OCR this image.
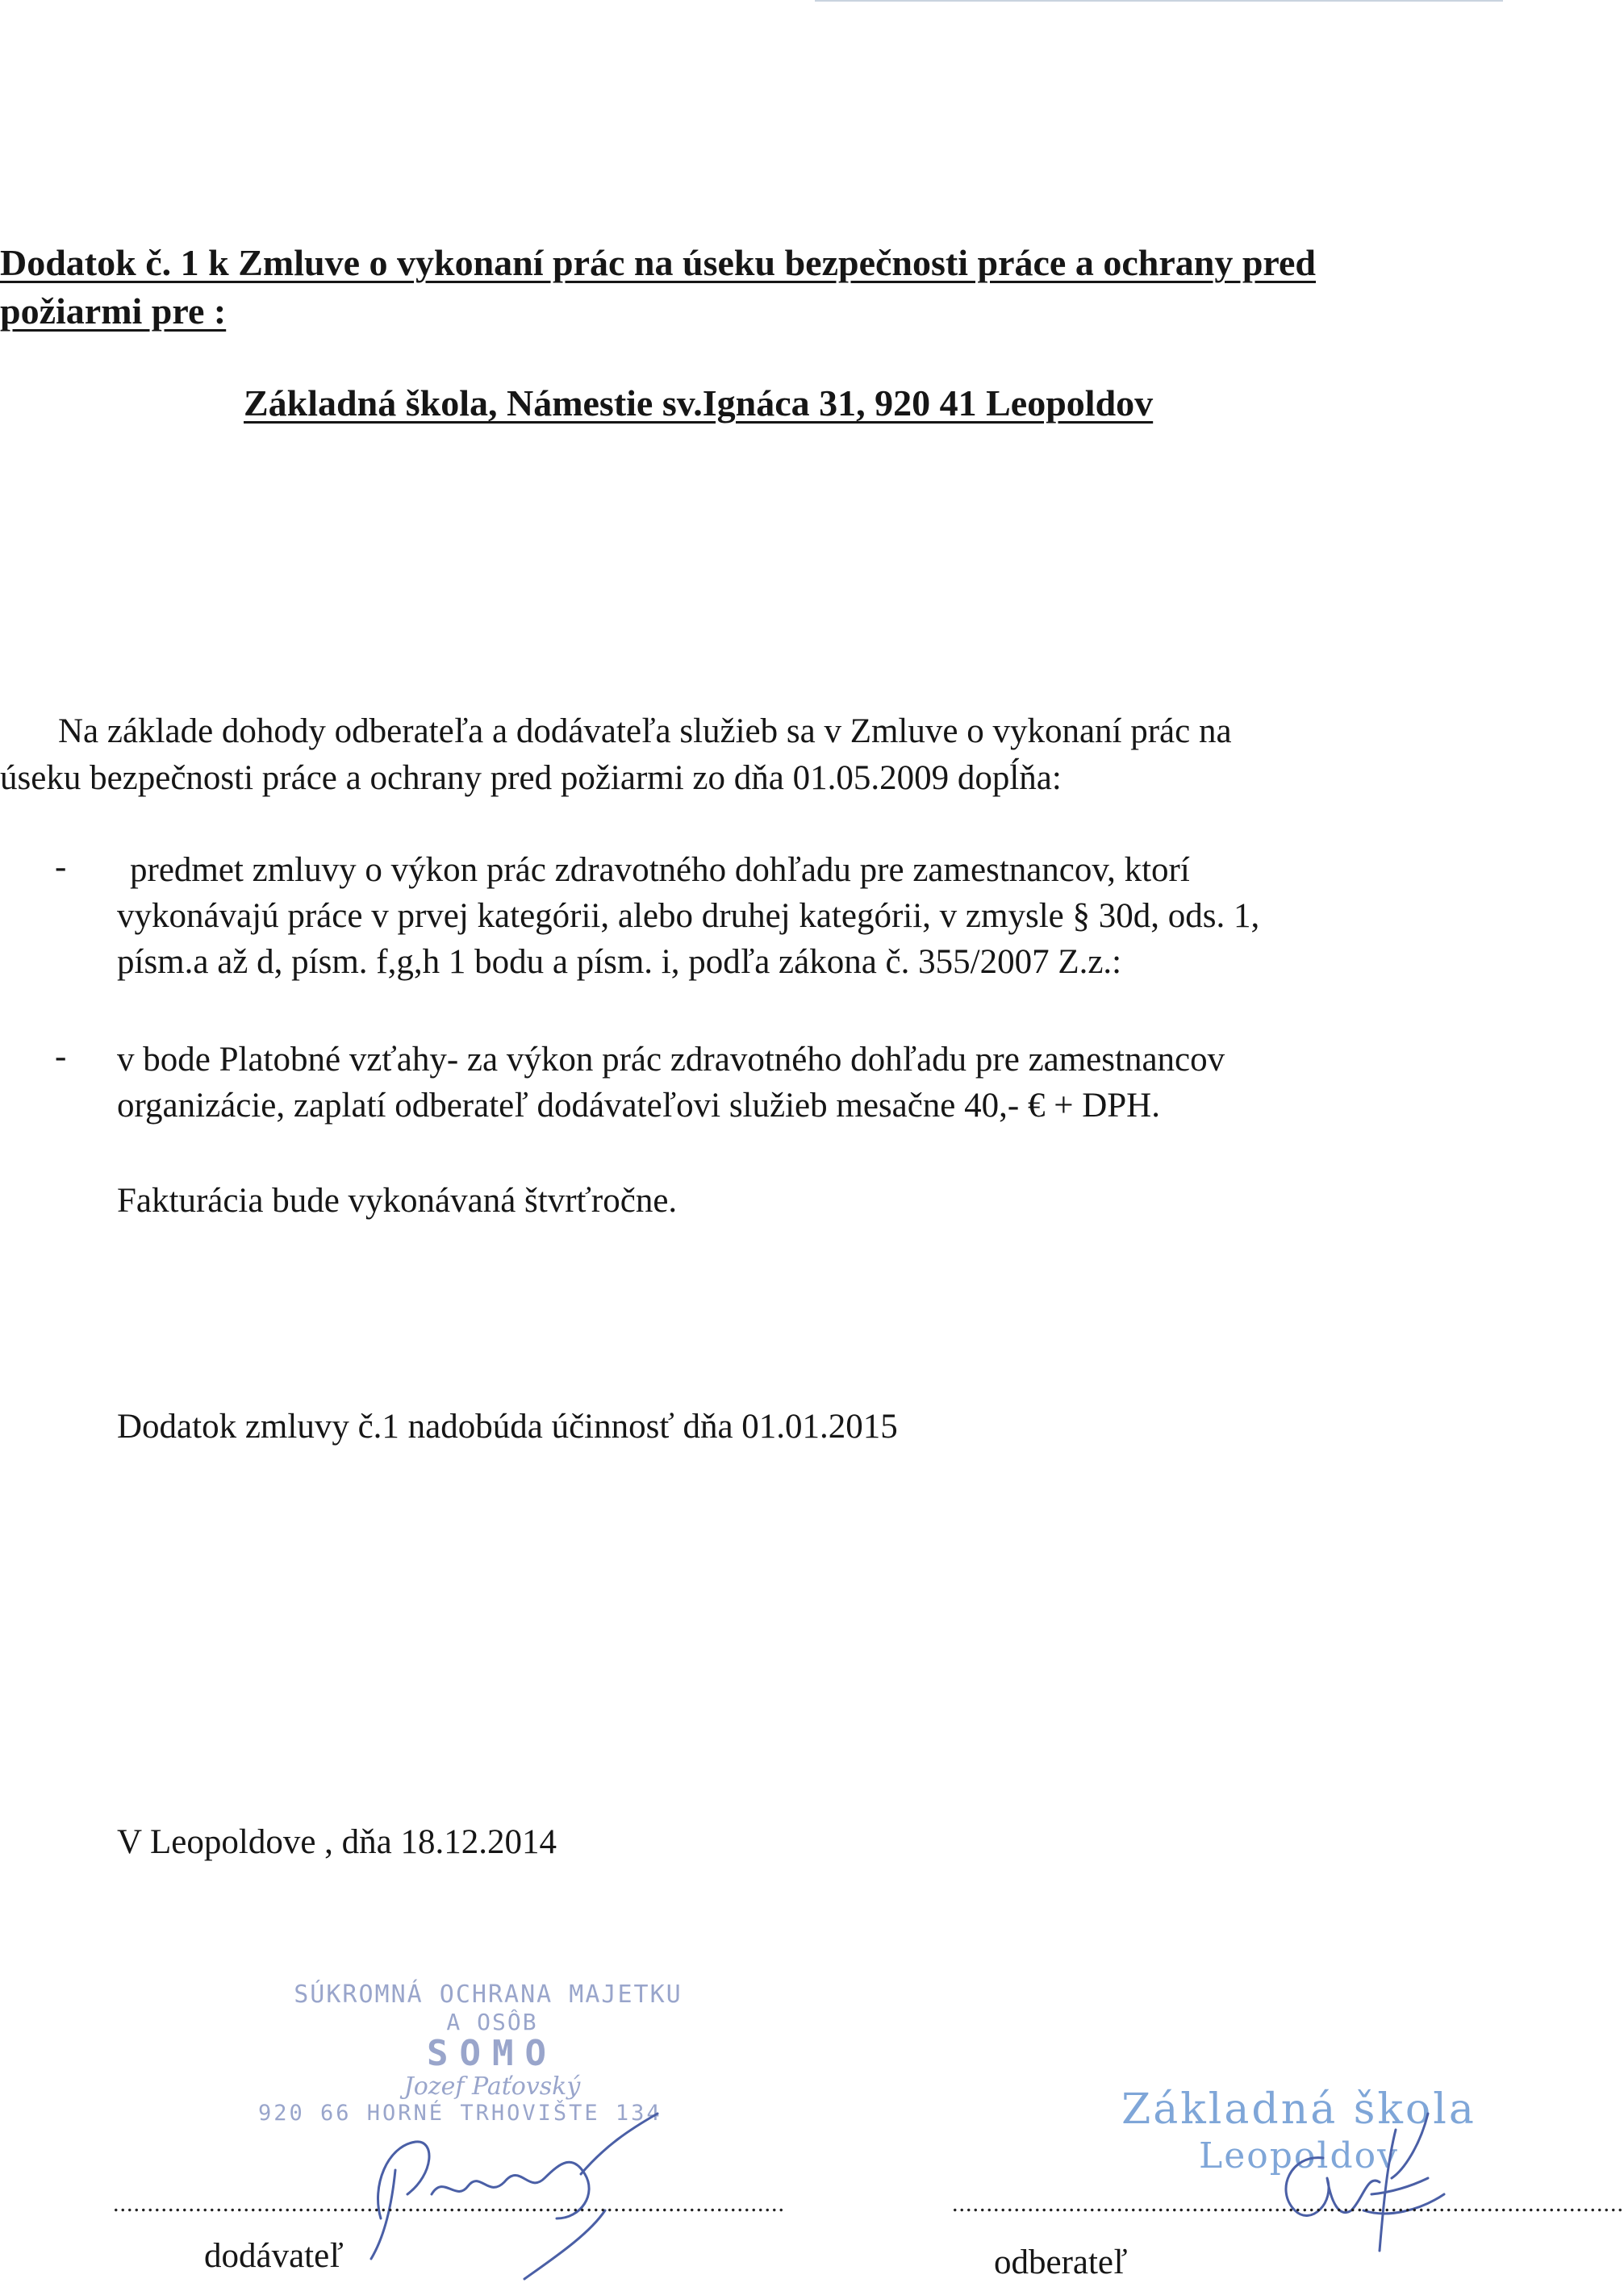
Dodatok č. 1 k Zmluve o vykonaní prác na úseku bezpečnosti práce a ochrany pred
požiarmi pre :
Základná škola, Námestie sv.Ignáca 31, 920 41 Leopoldov
Na základe dohody odberateľa a dodávateľa služieb sa v Zmluve o vykonaní prác na
úseku bezpečnosti práce a ochrany pred požiarmi zo dňa 01.05.2009 dopĺňa:
-	predmet zmluvy o výkon prác zdravotného dohľadu pre zamestnancov, ktorí
vykonávajú práce v prvej kategórii, alebo druhej kategórii, v zmysle § 30d, ods. 1,
písm.a až d, písm. f,g,h 1 bodu a písm. i, podľa zákona č. 355/2007 Z.z.:
- v bode Platobné vzťahy- za výkon prác zdravotného dohľadu pre zamestnancov
organizácie, zaplatí odberateľ dodávateľovi služieb mesačne 40,- € + DPH.
Fakturácia bude vykonávaná štvrťročne.
Dodatok zmluvy č.1 nadobúda účinnosť dňa 01.01.2015
V Leopoldove , dňa 18.12.2014
SÚKROMNÁ OCHRANA MAJETKU
A OSÔB
SOMO
Jozef Paťovský
920 66 HORNÉ TRHOVIŠTE 134	Základná škola
Leopoldov
..................................................................................................	..................................................................................................
dodávateľ	odberateľ
